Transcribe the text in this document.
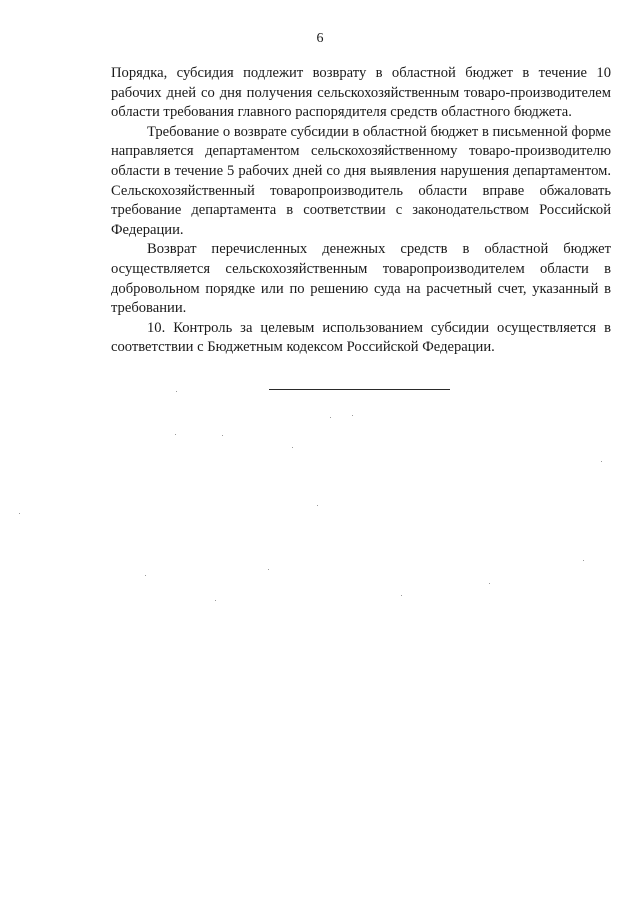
6

Порядка, субсидия подлежит возврату в областной бюджет в течение 10 рабочих дней со дня получения сельскохозяйственным товаро-производителем области требования главного распорядителя средств областного бюджета.

Требование о возврате субсидии в областной бюджет в письменной форме направляется департаментом сельскохозяйственному товаро-производителю области в течение 5 рабочих дней со дня выявления нарушения департаментом. Сельскохозяйственный товаропроизводитель области вправе обжаловать требование департамента в соответствии с законодательством Российской Федерации.

Возврат перечисленных денежных средств в областной бюджет осуществляется сельскохозяйственным товаропроизводителем области в добровольном порядке или по решению суда на расчетный счет, указанный в требовании.

10. Контроль за целевым использованием субсидии осуществляется в соответствии с Бюджетным кодексом Российской Федерации.
